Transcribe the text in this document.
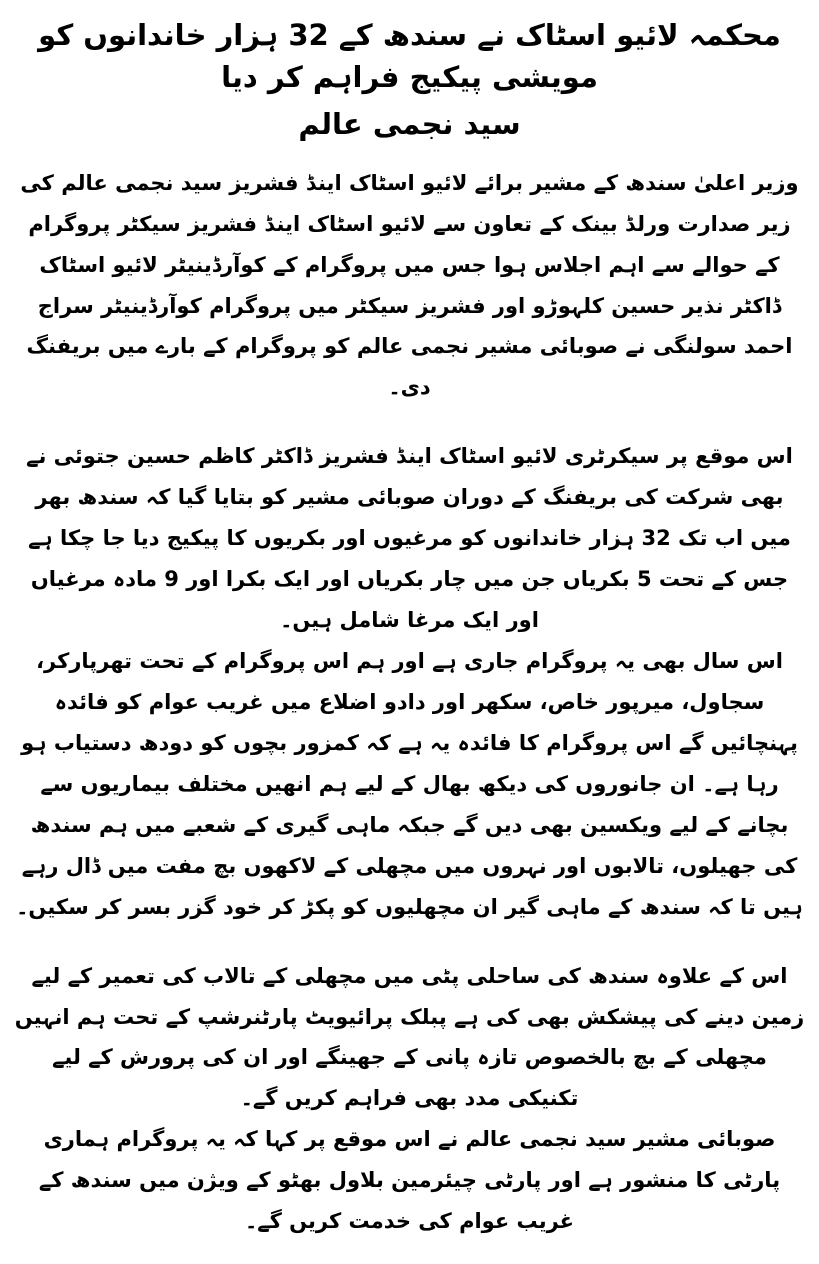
محکمہ لائیو اسٹاک نے سندھ کے 32 ہزار خاندانوں کو مویشی پیکیج فراہم کر دیا
سید نجمی عالم

وزیر اعلیٰ سندھ کے مشیر برائے لائیو اسٹاک اینڈ فشریز سید نجمی عالم کی زیر صدارت ورلڈ بینک کے تعاون سے لائیو اسٹاک اینڈ فشریز سیکٹر پروگرام کے حوالے سے اہم اجلاس ہوا جس میں پروگرام کے کوآرڈینیٹر لائیو اسٹاک ڈاکٹر نذیر حسین کلہوڑو اور فشریز سیکٹر میں پروگرام کوآرڈینیٹر سراج احمد سولنگی نے صوبائی مشیر نجمی عالم کو پروگرام کے بارے میں بریفنگ دی۔

اس موقع پر سیکرٹری لائیو اسٹاک اینڈ فشریز ڈاکٹر کاظم حسین جتوئی نے بھی شرکت کی بریفنگ کے دوران صوبائی مشیر کو بتایا گیا کہ سندھ بھر میں اب تک 32 ہزار خاندانوں کو مرغیوں اور بکریوں کا پیکیج دیا جا چکا ہے جس کے تحت 5 بکریاں جن میں چار بکریاں اور ایک بکرا اور 9 مادہ مرغیاں اور ایک مرغا شامل ہیں۔

اس سال بھی یہ پروگرام جاری ہے اور ہم اس پروگرام کے تحت تھرپارکر، سجاول، میرپور خاص، سکھر اور دادو اضلاع میں غریب عوام کو فائدہ پہنچائیں گے اس پروگرام کا فائدہ یہ ہے کہ کمزور بچوں کو دودھ دستیاب ہو رہا ہے۔ ان جانوروں کی دیکھ بھال کے لیے ہم انھیں مختلف بیماریوں سے بچانے کے لیے ویکسین بھی دیں گے جبکہ ماہی گیری کے شعبے میں ہم سندھ کی جھیلوں، تالابوں اور نہروں میں مچھلی کے لاکھوں بچ مفت میں ڈال رہے ہیں تا کہ سندھ کے ماہی گیر ان مچھلیوں کو پکڑ کر خود گزر بسر کر سکیں۔

اس کے علاوہ سندھ کی ساحلی پٹی میں مچھلی کے تالاب کی تعمیر کے لیے زمین دینے کی پیشکش بھی کی ہے پبلک پرائیویٹ پارٹنرشپ کے تحت ہم انہیں مچھلی کے بچ بالخصوص تازہ پانی کے جھینگے اور ان کی پرورش کے لیے تکنیکی مدد بھی فراہم کریں گے۔

صوبائی مشیر سید نجمی عالم نے اس موقع پر کہا کہ یہ پروگرام ہماری پارٹی کا منشور ہے اور پارٹی چیئرمین بلاول بھٹو کے ویژن میں سندھ کے غریب عوام کی خدمت کریں گے۔
